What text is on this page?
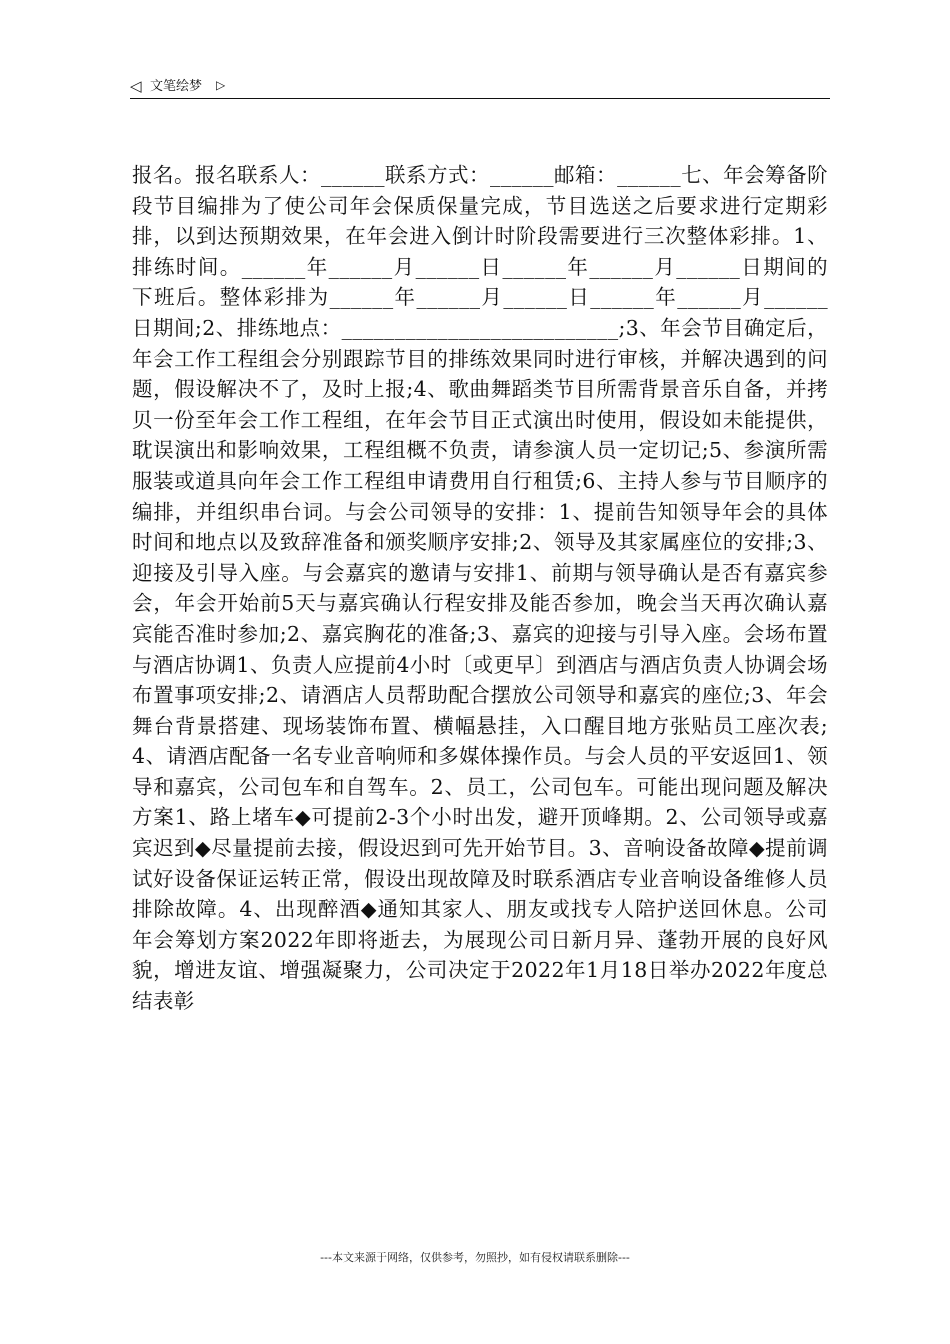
◁ 文笔绘梦 ▷

报名。报名联系人：______联系方式：______邮箱：______七、年会筹备阶段节目编排为了使公司年会保质保量完成，节目选送之后要求进行定期彩排，以到达预期效果，在年会进入倒计时阶段需要进行三次整体彩排。1、排练时间。______年______月______日______年______月______日期间的下班后。整体彩排为______年______月______日______年______月______日期间;2、排练地点：__________________________;3、年会节目确定后，年会工作工程组会分别跟踪节目的排练效果同时进行审核，并解决遇到的问题，假设解决不了，及时上报;4、歌曲舞蹈类节目所需背景音乐自备，并拷贝一份至年会工作工程组，在年会节目正式演出时使用，假设如未能提供，耽误演出和影响效果，工程组概不负责，请参演人员一定切记;5、参演所需服装或道具向年会工作工程组申请费用自行租赁;6、主持人参与节目顺序的编排，并组织串台词。与会公司领导的安排：1、提前告知领导年会的具体时间和地点以及致辞准备和颁奖顺序安排;2、领导及其家属座位的安排;3、迎接及引导入座。与会嘉宾的邀请与安排1、前期与领导确认是否有嘉宾参会，年会开始前5天与嘉宾确认行程安排及能否参加，晚会当天再次确认嘉宾能否准时参加;2、嘉宾胸花的准备;3、嘉宾的迎接与引导入座。会场布置与酒店协调1、负责人应提前4小时〔或更早〕到酒店与酒店负责人协调会场布置事项安排;2、请酒店人员帮助配合摆放公司领导和嘉宾的座位;3、年会舞台背景搭建、现场装饰布置、横幅悬挂，入口醒目地方张贴员工座次表;4、请酒店配备一名专业音响师和多媒体操作员。与会人员的平安返回1、领导和嘉宾，公司包车和自驾车。2、员工，公司包车。可能出现问题及解决方案1、路上堵车◆可提前2-3个小时出发，避开顶峰期。2、公司领导或嘉宾迟到◆尽量提前去接，假设迟到可先开始节目。3、音响设备故障◆提前调试好设备保证运转正常，假设出现故障及时联系酒店专业音响设备维修人员排除故障。4、出现醉酒◆通知其家人、朋友或找专人陪护送回休息。公司年会筹划方案2022年即将逝去，为展现公司日新月异、蓬勃开展的良好风貌，增进友谊、增强凝聚力，公司决定于2022年1月18日举办2022年度总结表彰

---本文来源于网络，仅供参考，勿照抄，如有侵权请联系删除---
